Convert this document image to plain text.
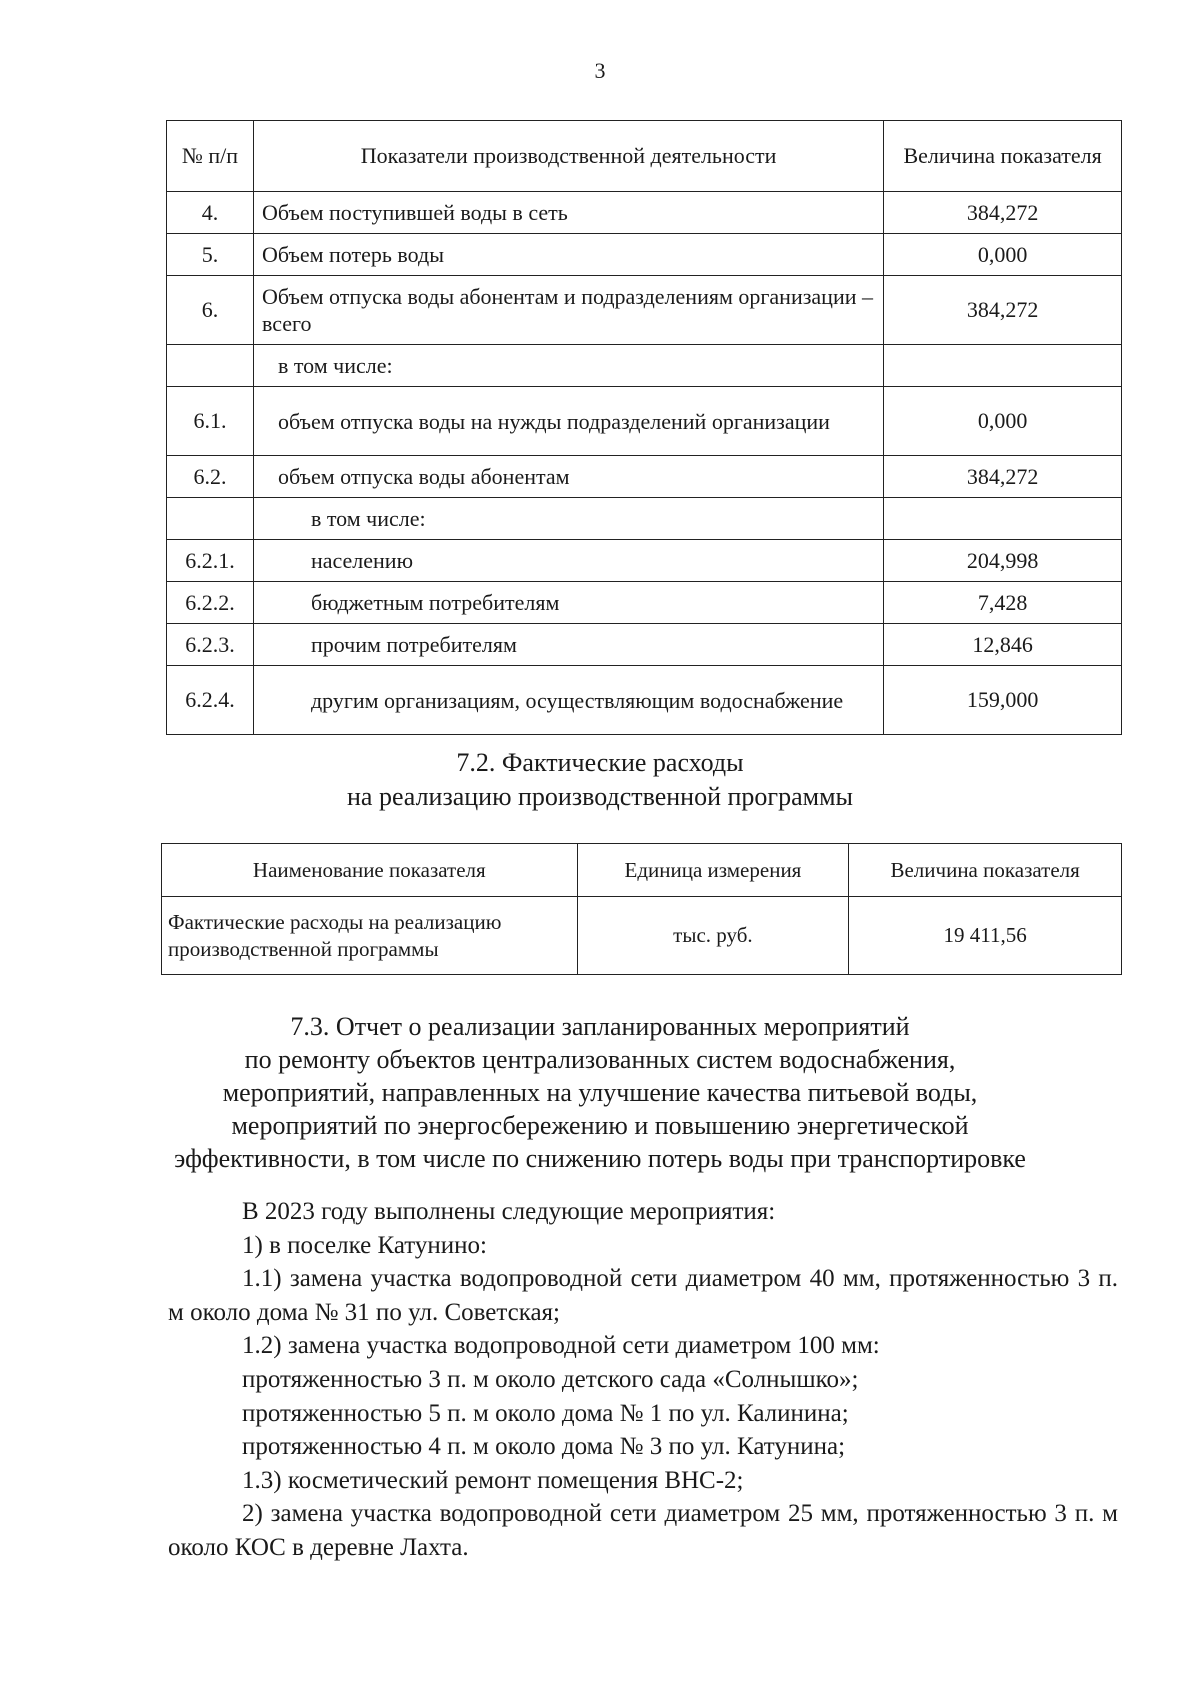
3
№ п/п	Показатели производственной деятельности	Величина показателя
4.	Объем поступившей воды в сеть	384,272
5.	Объем потерь воды	0,000
6.	Объем отпуска воды абонентам и подразделениям организации – всего	384,272
	в том числе:	
6.1.	объем отпуска воды на нужды подразделений организации	0,000
6.2.	объем отпуска воды абонентам	384,272
	в том числе:	
6.2.1.	населению	204,998
6.2.2.	бюджетным потребителям	7,428
6.2.3.	прочим потребителям	12,846
6.2.4.	другим организациям, осуществляющим водоснабжение	159,000
7.2. Фактические расходы
на реализацию производственной программы
Наименование показателя	Единица измерения	Величина показателя
Фактические расходы на реализацию производственной программы	тыс. руб.	19 411,56
7.3. Отчет о реализации запланированных мероприятий
по ремонту объектов централизованных систем водоснабжения,
мероприятий, направленных на улучшение качества питьевой воды,
мероприятий по энергосбережению и повышению энергетической
эффективности, в том числе по снижению потерь воды при транспортировке

В 2023 году выполнены следующие мероприятия:

1) в поселке Катунино:

1.1) замена участка водопроводной сети диаметром 40 мм, протяженностью 3 п. м около дома № 31 по ул. Советская;

1.2) замена участка водопроводной сети диаметром 100 мм:

протяженностью 3 п. м около детского сада «Солнышко»;

протяженностью 5 п. м около дома № 1 по ул. Калинина;

протяженностью 4 п. м около дома № 3 по ул. Катунина;

1.3) косметический ремонт помещения ВНС-2;

2) замена участка водопроводной сети диаметром 25 мм, протяженностью 3 п. м около КОС в деревне Лахта.
